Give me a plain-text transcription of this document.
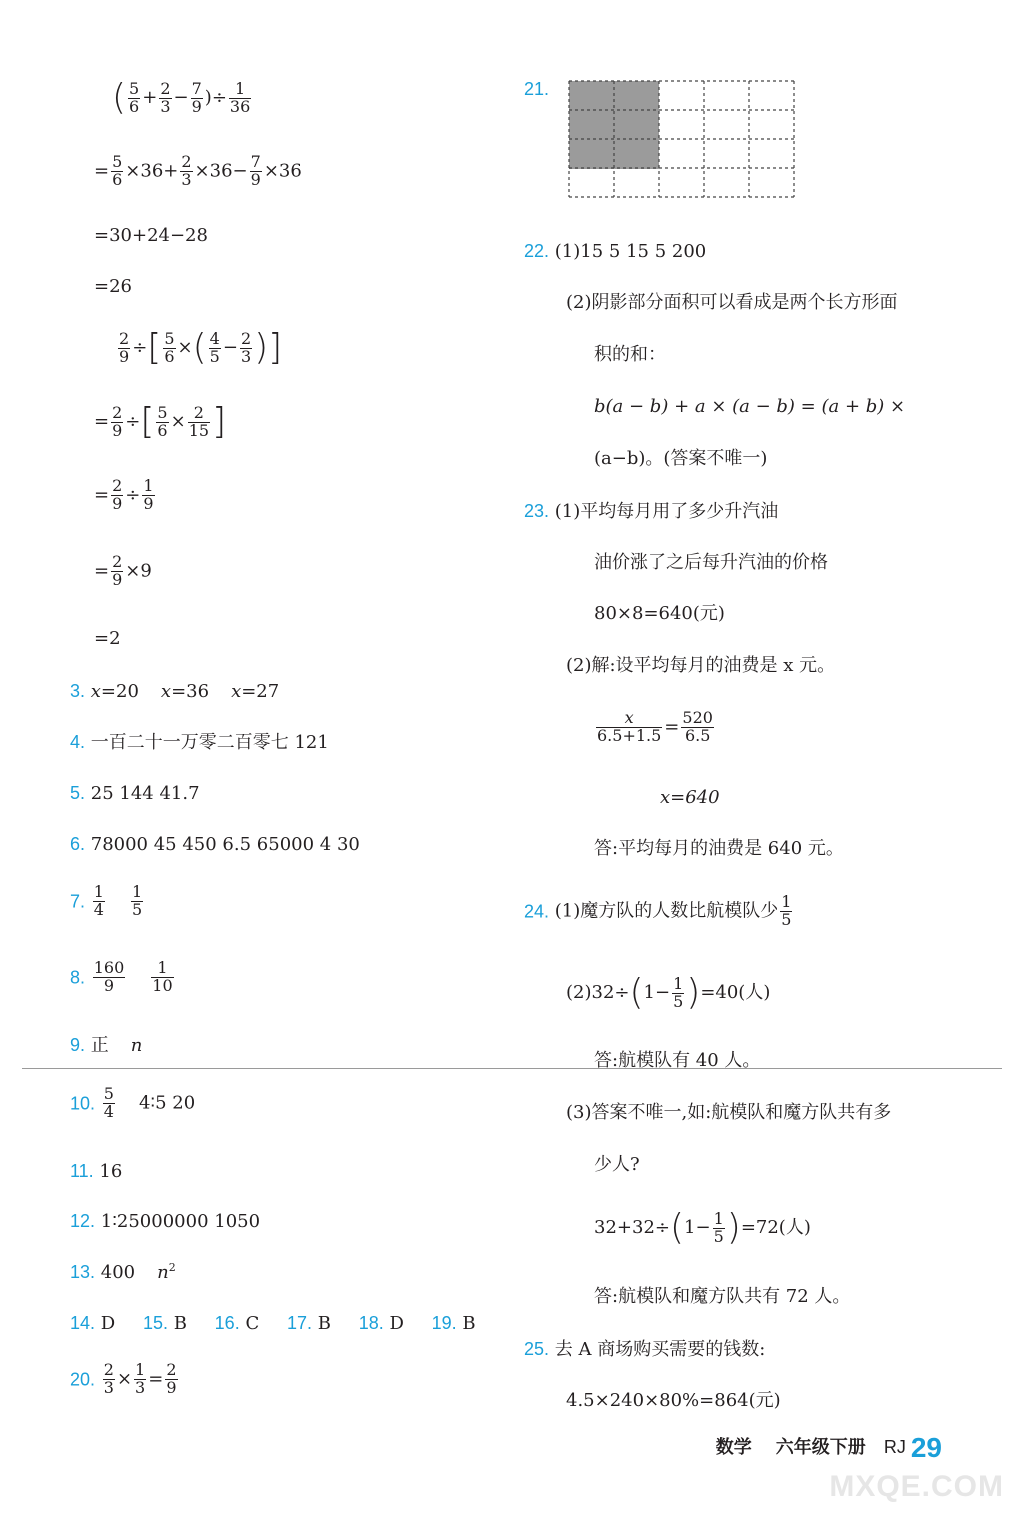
( $\frac{5}{6} + \frac{2}{3} - \frac{7}{9}$ )÷ $\frac{1}{36}$
= $\frac{5}{6} \times 36+ \frac{2}{3} \times 36- \frac{7}{9} \times 36$
=30+24−28
=26
$\frac{2}{9}$ ÷[ $\frac{5}{6}$ ×( $\frac{4}{5} - \frac{2}{3}$ )]
= $\frac{2}{9}$ ÷[ $\frac{5}{6} \times \frac{2}{15}$ ]
= $\frac{2}{9} \div \frac{1}{9}$
= $\frac{2}{9} \times 9$
=2
3. x=20 x=36 x=27
4. 一百二十一万零二百零七 121
5. 25 144 41.7
6. 78000 45 450 6.5 65000 4 30
7. $\frac{1}{4} \frac{1}{5}$
8. $\frac{160}{9} \frac{1}{10}$
9. 正 n
10. $\frac{5}{4}$ 4∶5 20
11. 16
12. 1∶25000000 1050
13. 400 $n^2$
14. D 15. B 16. C 17. B 18. D 19. B
20. $\frac{2}{3} \times \frac{1}{3} = \frac{2}{9}$
21.
22. (1)15 5 15 5 200
(2)阴影部分面积可以看成是两个长方形面
积的和：
b(a − b) + a × (a − b) = (a + b) ×
(a−b)。(答案不唯一)
23. (1)平均每月用了多少升汽油
油价涨了之后每升汽油的价格
80×8=640(元)
(2)解:设平均每月的油费是 x 元。
$\frac{x}{6.5+1.5} = \frac{520}{6.5}$
x=640
答:平均每月的油费是 640 元。
24. (1)魔方队的人数比航模队少 $\frac{1}{5}$
$(2)32\div(1- \frac{1}{5} )=40$(人)
答:航模队有 40 人。
(3)答案不唯一,如:航模队和魔方队共有多
少人?
$32+32\div(1- \frac{1}{5} )=72$(人)
答:航模队和魔方队共有 72 人。
25. 去 A 商场购买需要的钱数:
4.5×240×80%=864(元)
数学 六年级下册 RJ 29
MXQE.COM
